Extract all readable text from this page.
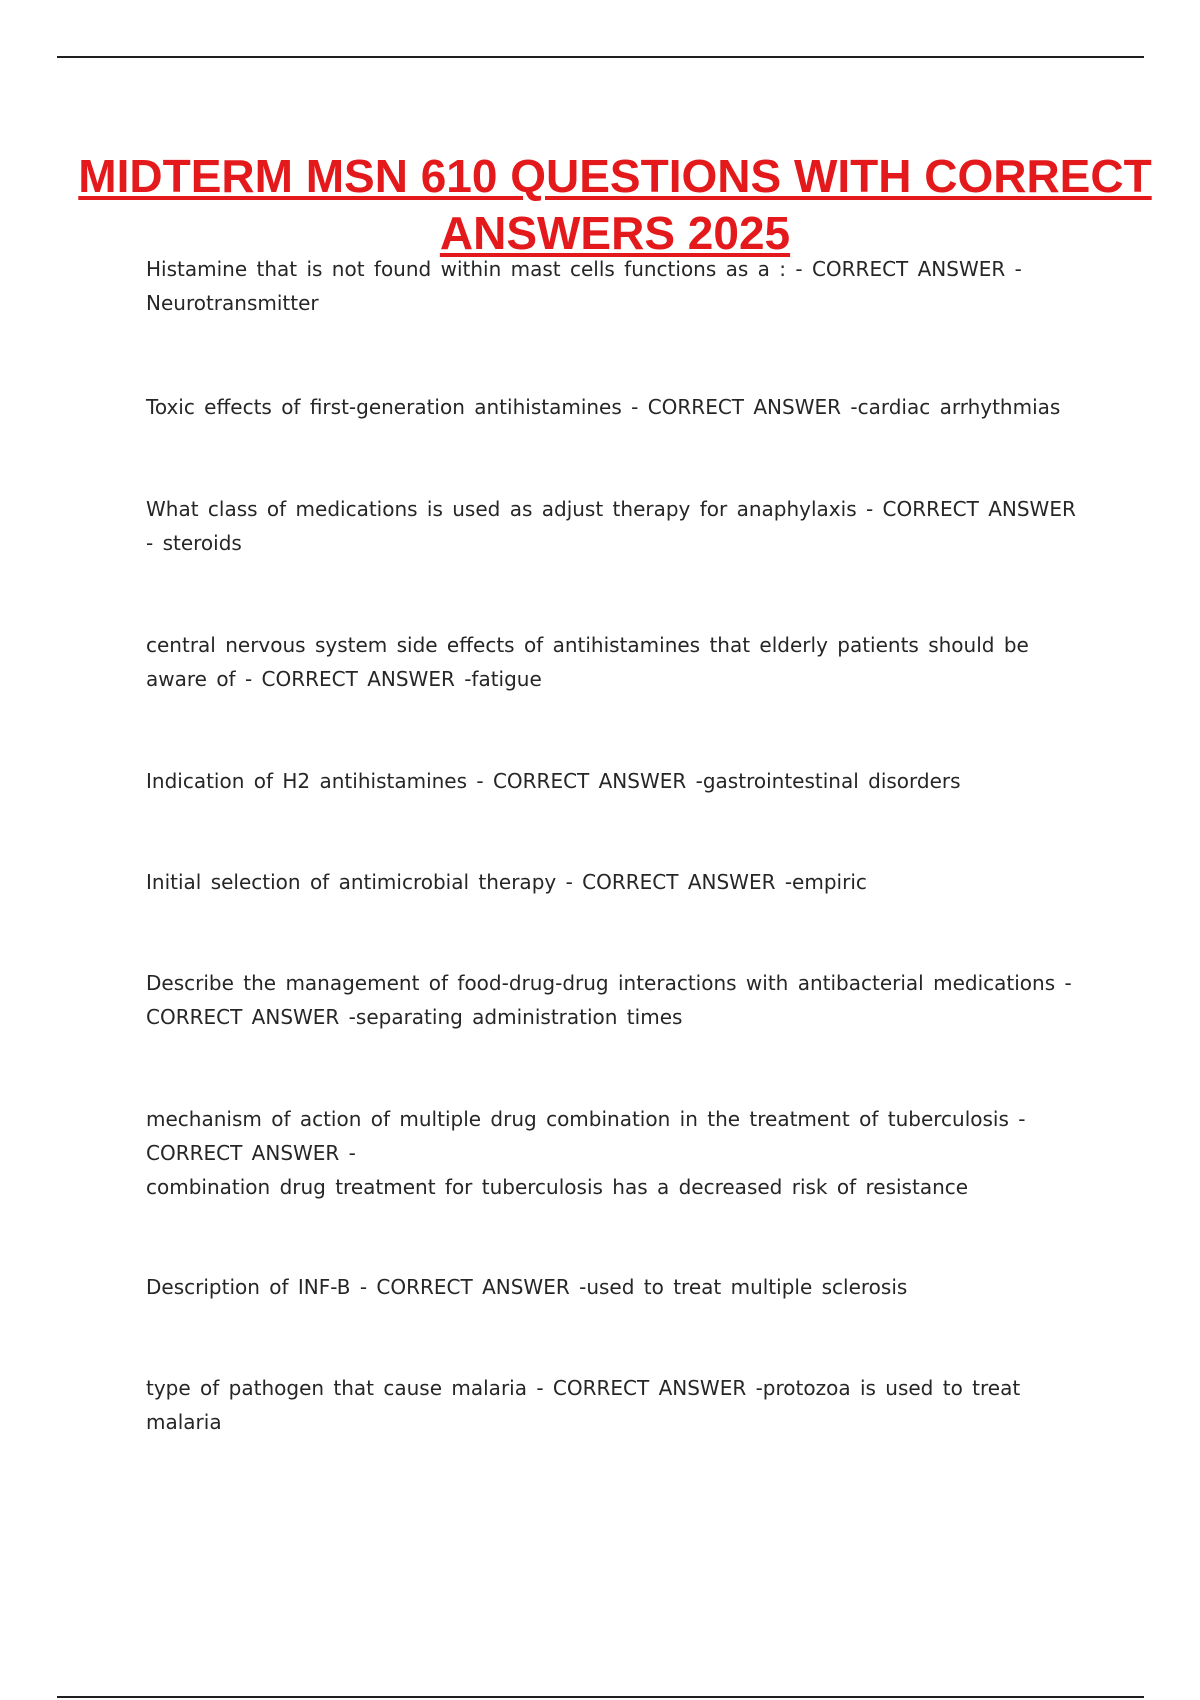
MIDTERM MSN 610 QUESTIONS WITH CORRECT ANSWERS 2025

Histamine that is not found within mast cells functions as a : - CORRECT ANSWER - Neurotransmitter

Toxic effects of first-generation antihistamines - CORRECT ANSWER -cardiac arrhythmias

What class of medications is used as adjust therapy for anaphylaxis - CORRECT ANSWER - steroids

central nervous system side effects of antihistamines that elderly patients should be aware of - CORRECT ANSWER -fatigue

Indication of H2 antihistamines - CORRECT ANSWER -gastrointestinal disorders

Initial selection of antimicrobial therapy - CORRECT ANSWER -empiric

Describe the management of food-drug-drug interactions with antibacterial medications -
CORRECT ANSWER -separating administration times

mechanism of action of multiple drug combination in the treatment of tuberculosis -
CORRECT ANSWER -
combination drug treatment for tuberculosis has a decreased risk of resistance

Description of INF-B - CORRECT ANSWER -used to treat multiple sclerosis

type of pathogen that cause malaria - CORRECT ANSWER -protozoa is used to treat malaria
